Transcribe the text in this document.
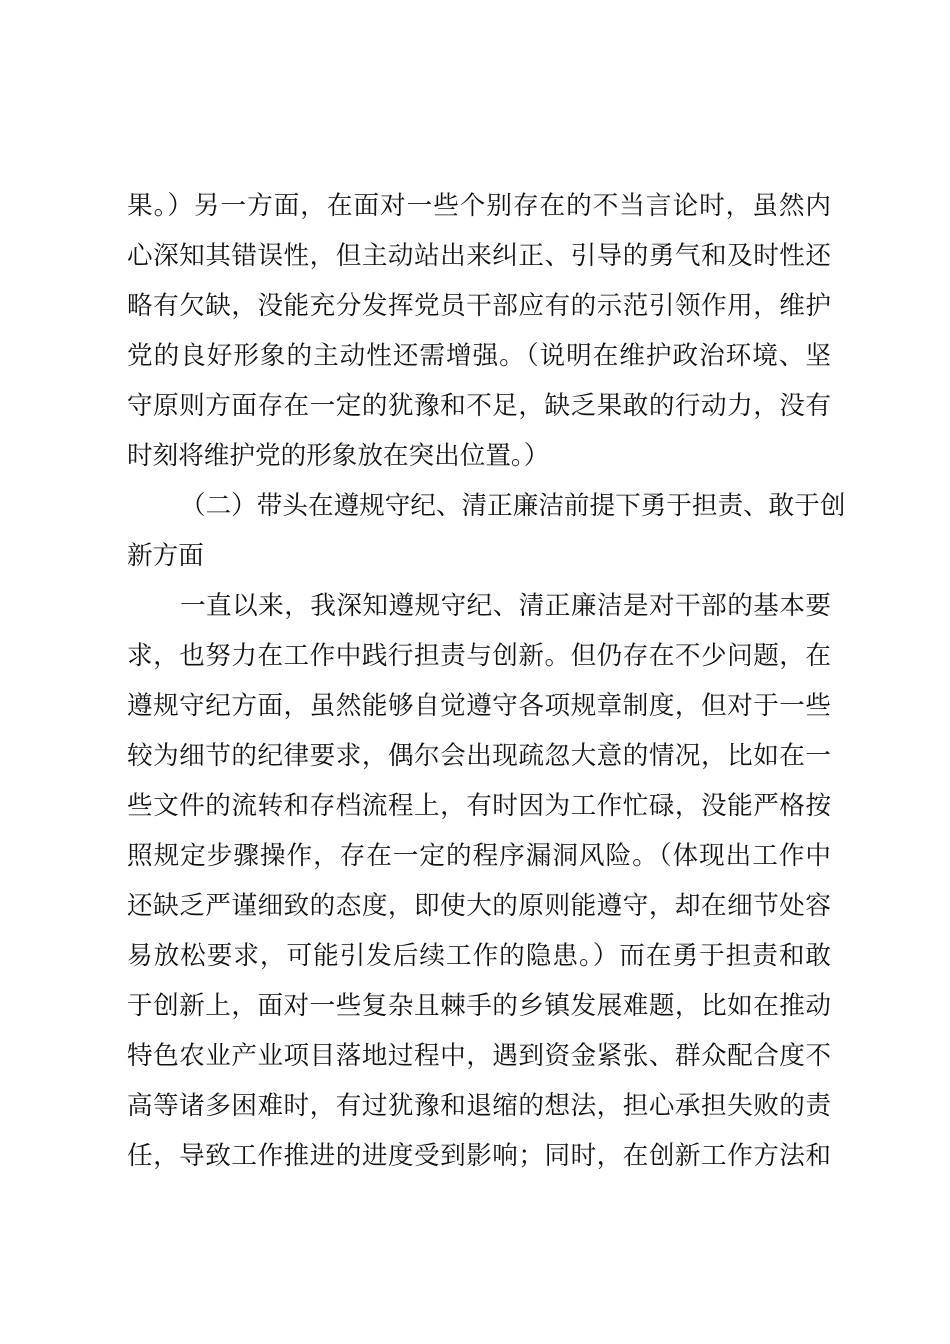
果。）另一方面，在面对一些个别存在的不当言论时，虽然内
心深知其错误性，但主动站出来纠正、引导的勇气和及时性还
略有欠缺，没能充分发挥党员干部应有的示范引领作用，维护
党的良好形象的主动性还需增强。（说明在维护政治环境、坚
守原则方面存在一定的犹豫和不足，缺乏果敢的行动力，没有
时刻将维护党的形象放在突出位置。）
（二）带头在遵规守纪、清正廉洁前提下勇于担责、敢于创
新方面
一直以来，我深知遵规守纪、清正廉洁是对干部的基本要
求，也努力在工作中践行担责与创新。但仍存在不少问题，在
遵规守纪方面，虽然能够自觉遵守各项规章制度，但对于一些
较为细节的纪律要求，偶尔会出现疏忽大意的情况，比如在一
些文件的流转和存档流程上，有时因为工作忙碌，没能严格按
照规定步骤操作，存在一定的程序漏洞风险。（体现出工作中
还缺乏严谨细致的态度，即使大的原则能遵守，却在细节处容
易放松要求，可能引发后续工作的隐患。）而在勇于担责和敢
于创新上，面对一些复杂且棘手的乡镇发展难题，比如在推动
特色农业产业项目落地过程中，遇到资金紧张、群众配合度不
高等诸多困难时，有过犹豫和退缩的想法，担心承担失败的责
任，导致工作推进的进度受到影响；同时，在创新工作方法和
